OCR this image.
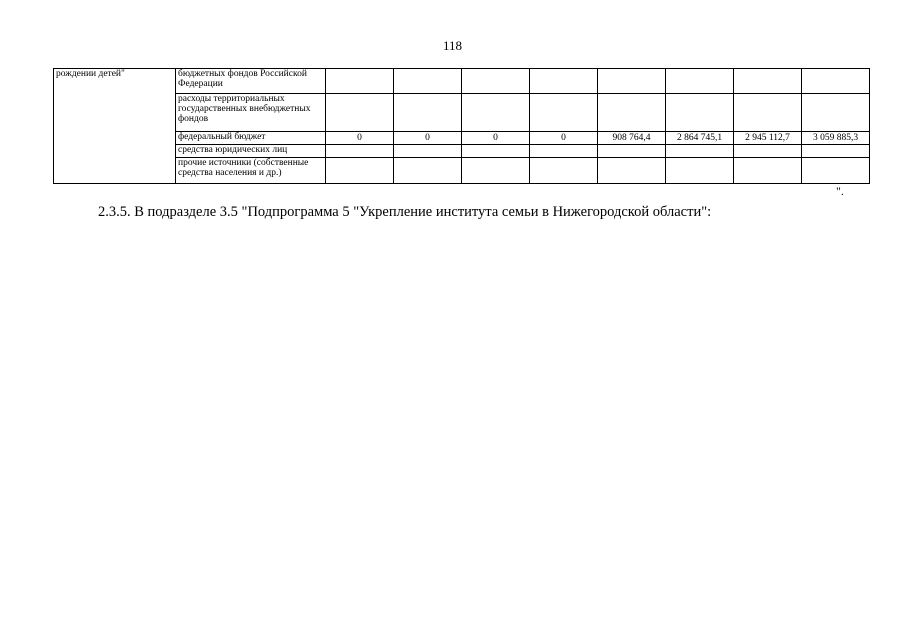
118
рождении детей"	бюджетных фондов Российской Федерации								
	расходы территориальных государственных внебюджетных фондов								
	федеральный бюджет	0	0	0	0	908 764,4	2 864 745,1	2 945 112,7	3 059 885,3
	средства юридических лиц								
	прочие источники (собственные средства населения и др.)								
".
2.3.5. В подразделе 3.5 "Подпрограмма 5 "Укрепление института семьи в Нижегородской области":
